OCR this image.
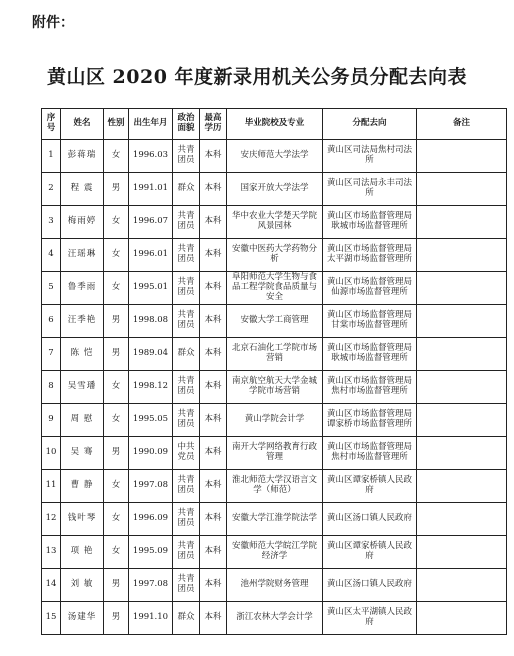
附件：
黄山区 2020 年度新录用机关公务员分配去向表
序号	姓名	性别	出生年月	政治面貌	最高学历	毕业院校及专业	分配去向	备注
1	彭蒋瑞	女	1996.03	共青团员	本科	安庆师范大学法学	黄山区司法局焦村司法所	
2	程 震	男	1991.01	群众	本科	国家开放大学法学	黄山区司法局永丰司法所	
3	梅雨婷	女	1996.07	共青团员	本科	华中农业大学楚天学院风景园林	黄山区市场监督管理局耿城市场监督管理所	
4	汪瑶琳	女	1996.01	共青团员	本科	安徽中医药大学药物分析	黄山区市场监督管理局太平湖市场监督管理所	
5	鲁季雨	女	1995.01	共青团员	本科	阜阳师范大学生物与食品工程学院食品质量与安全	黄山区市场监督管理局仙源市场监督管理所	
6	汪季艳	男	1998.08	共青团员	本科	安徽大学工商管理	黄山区市场监督管理局甘棠市场监督管理所	
7	陈 恺	男	1989.04	群众	本科	北京石油化工学院市场营销	黄山区市场监督管理局耿城市场监督管理所	
8	吴雪璠	女	1998.12	共青团员	本科	南京航空航天大学金城学院市场营销	黄山区市场监督管理局焦村市场监督管理所	
9	周 慰	女	1995.05	共青团员	本科	黄山学院会计学	黄山区市场监督管理局谭家桥市场监督管理所	
10	吴 骞	男	1990.09	中共党员	本科	南开大学网络教育行政管理	黄山区市场监督管理局焦村市场监督管理所	
11	曹 静	女	1997.08	共青团员	本科	淮北师范大学汉语言文学（师范）	黄山区谭家桥镇人民政府	
12	钱叶琴	女	1996.09	共青团员	本科	安徽大学江淮学院法学	黄山区汤口镇人民政府	
13	项 艳	女	1995.09	共青团员	本科	安徽师范大学皖江学院经济学	黄山区谭家桥镇人民政府	
14	刘 敏	男	1997.08	共青团员	本科	池州学院财务管理	黄山区汤口镇人民政府	
15	汤建华	男	1991.10	群众	本科	浙江农林大学会计学	黄山区太平湖镇人民政府	
